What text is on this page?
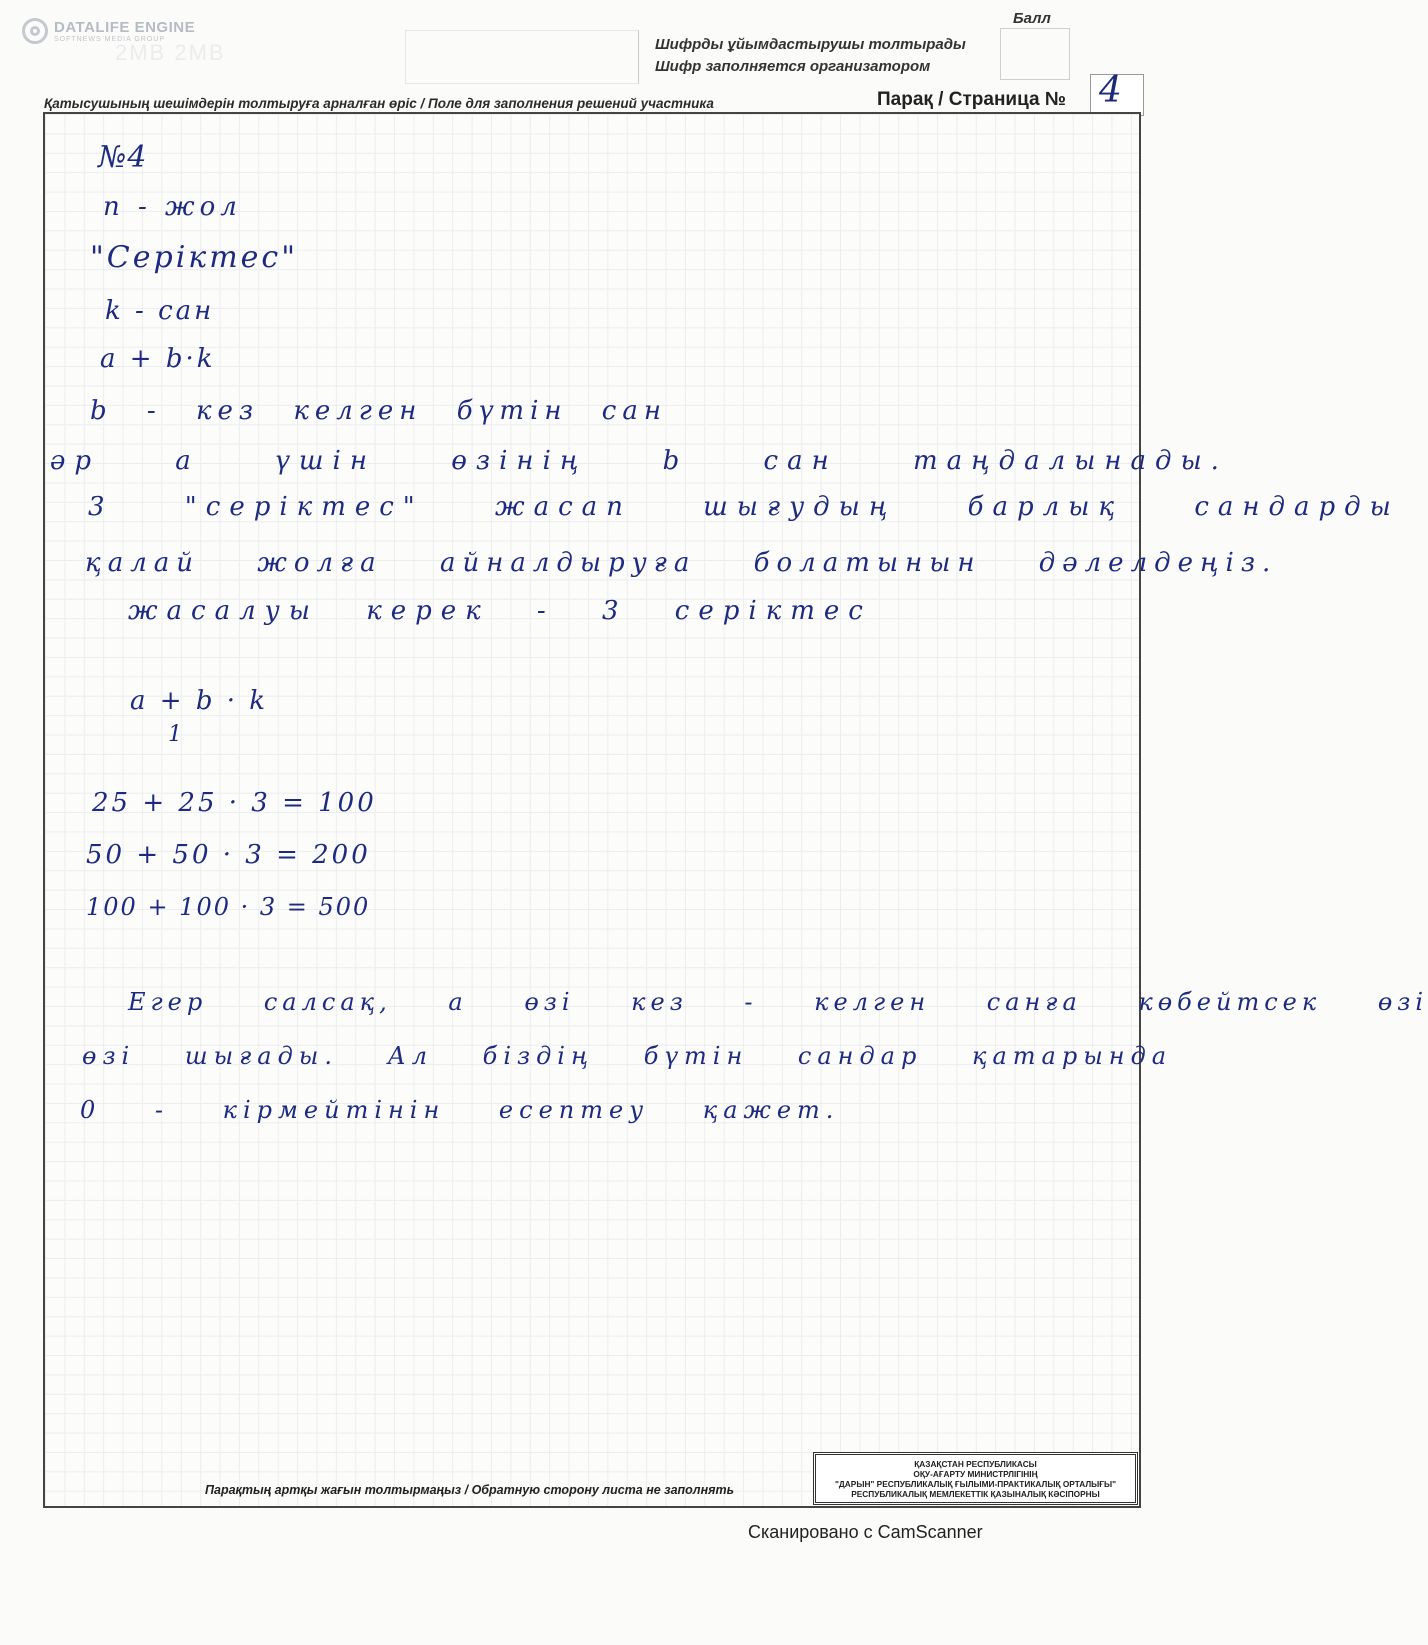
DATALIFE ENGINE
SOFTNEWS MEDIA GROUP
2МВ 2МВ	Шифрды ұйымдастырушы толтырады
Шифр заполняется организатором
Балл
Қатысушының шешімдерін толтыруға арналған өріс / Поле для заполнения решений участника	Парақ / Страница № 4
№4
n - жол
"Серіктес"
k - сан
a + b·k
b - кез келген бүтін сан
әр a үшін өзінің b сан таңдалынады.
3 "серіктес" жасап шығудың барлық сандарды
қалай жолға айналдыруға болатынын дәлелдеңіз.
жасалуы керек - 3 серіктес
a + b · k
1
25 + 25 · 3 = 100
50 + 50 · 3 = 200
100 + 100 · 3 = 500
Егер салсақ, a өзі кез - келген санға көбейтсек өзі
өзі шығады. Ал біздің бүтін сандар қатарында
0 - кірмейтінін есептеу қажет.
Парақтың артқы жағын толтырмаңыз / Обратную сторону листа не заполнять
ҚАЗАҚСТАН РЕСПУБЛИКАСЫ
ОҚУ-АҒАРТУ МИНИСТРЛІГІНІҢ
"ДАРЫН" РЕСПУБЛИКАЛЫҚ ҒЫЛЫМИ-ПРАКТИКАЛЫҚ ОРТАЛЫҒЫ"
РЕСПУБЛИКАЛЫҚ МЕМЛЕКЕТТІК ҚАЗЫНАЛЫҚ КӘСІПОРНЫ
Сканировано с CamScanner
